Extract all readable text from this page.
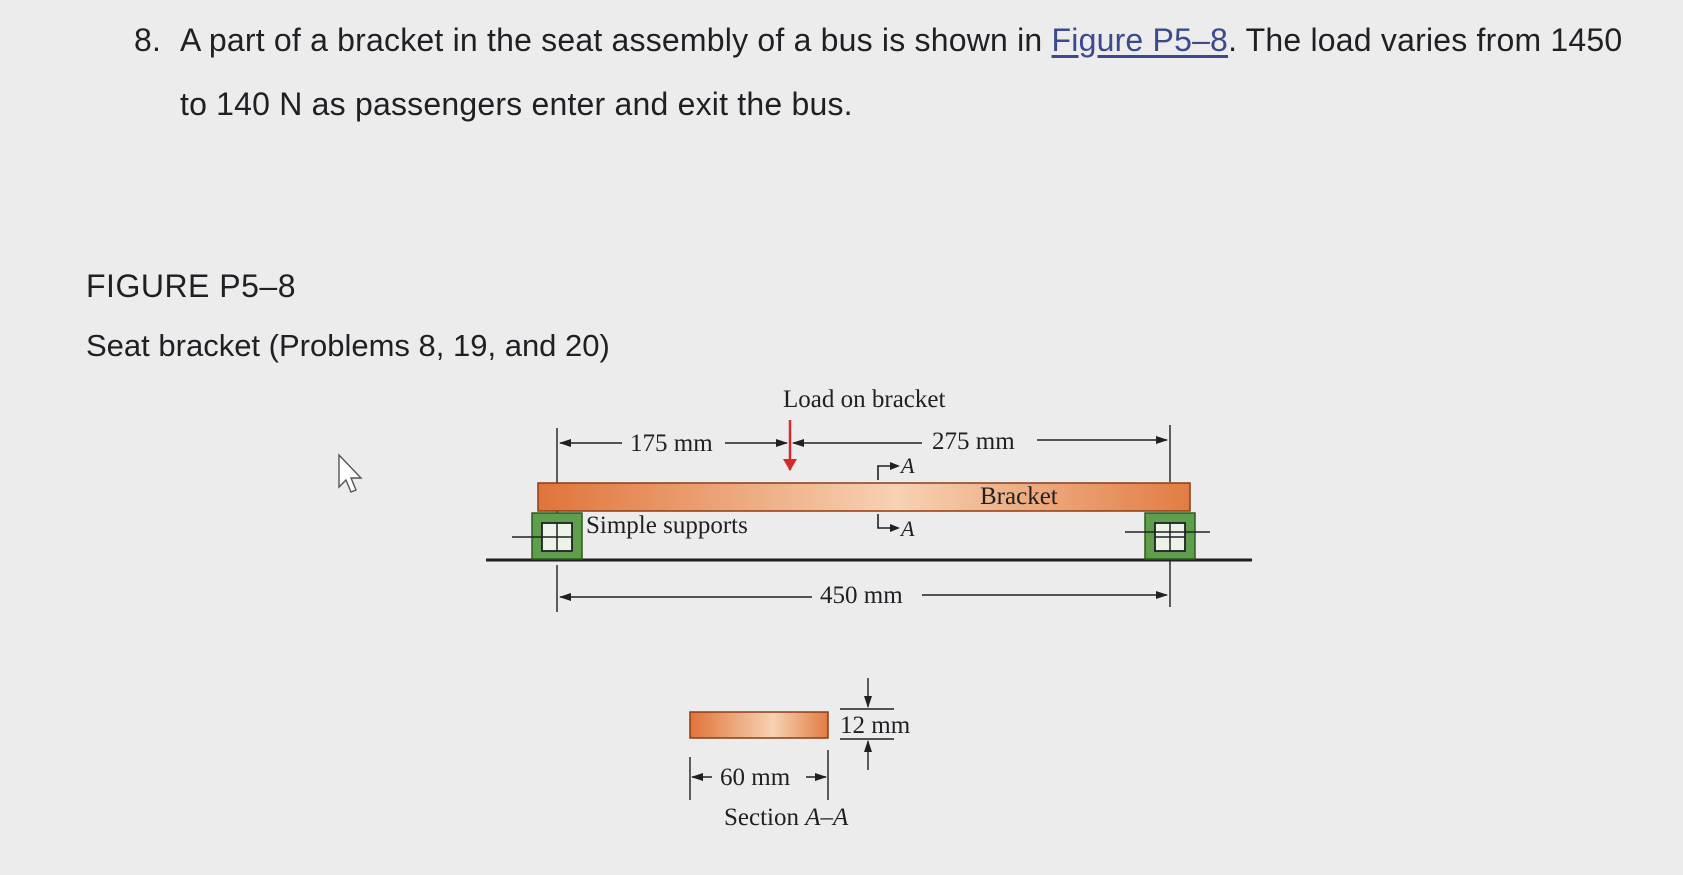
8. A part of a bracket in the seat assembly of a bus is shown in Figure P5–8. The load varies from 1450 to 140 N as passengers enter and exit the bus.
FIGURE P5–8
Seat bracket (Problems 8, 19, and 20)
Bracket
Simple supports
Load on bracket
175 mm	275 mm
A
A
450 mm
12 mm
60 mm
Section A–A
